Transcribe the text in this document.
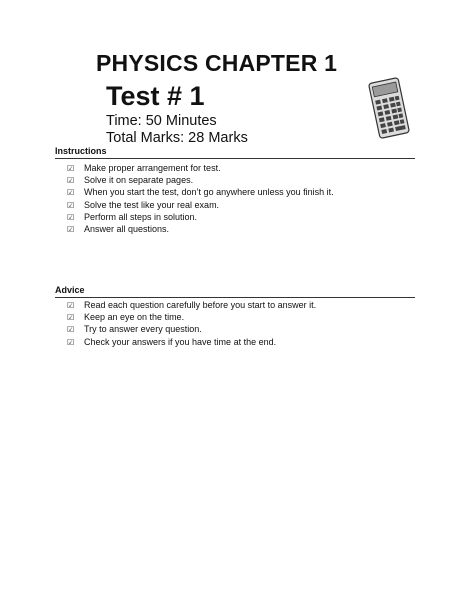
PHYSICS CHAPTER 1
Test # 1
Time: 50 Minutes
Total Marks: 28 Marks
Instructions
☑ Make proper arrangement for test.
☑ Solve it on separate pages.
☑ When you start the test, don’t go anywhere unless you finish it.
☑ Solve the test like your real exam.
☑ Perform all steps in solution.
☑ Answer all questions.
Advice
☑ Read each question carefully before you start to answer it.
☑ Keep an eye on the time.
☑ Try to answer every question.
☑ Check your answers if you have time at the end.
